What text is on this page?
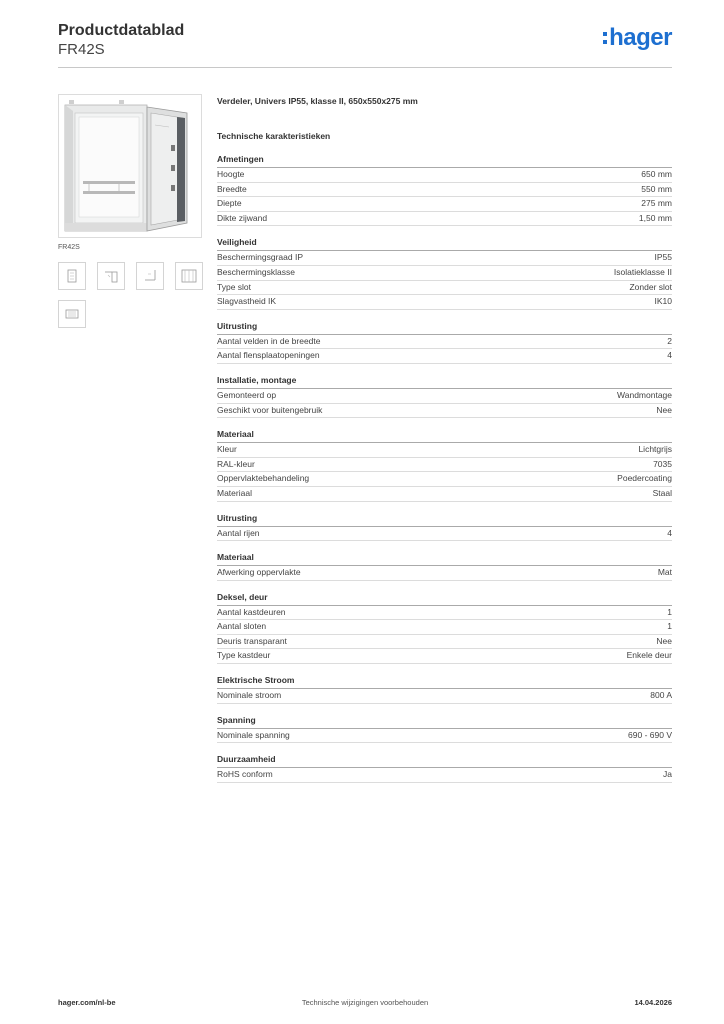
Productdatablad
FR42S	hager
FR42S
Verdeler, Univers IP55, klasse II, 650x550x275 mm
Technische karakteristieken
Afmetingen
Hoogte	650 mm
Breedte	550 mm
Diepte	275 mm
Dikte zijwand	1,50 mm
Veiligheid
Beschermingsgraad IP	IP55
Beschermingsklasse	Isolatieklasse II
Type slot	Zonder slot
Slagvastheid IK	IK10
Uitrusting
Aantal velden in de breedte	2
Aantal flensplaatopeningen	4
Installatie, montage
Gemonteerd op	Wandmontage
Geschikt voor buitengebruik	Nee
Materiaal
Kleur	Lichtgrijs
RAL-kleur	7035
Oppervlaktebehandeling	Poedercoating
Materiaal	Staal
Uitrusting
Aantal rijen	4
Materiaal
Afwerking oppervlakte	Mat
Deksel, deur
Aantal kastdeuren	1
Aantal sloten	1
Deuris transparant	Nee
Type kastdeur	Enkele deur
Elektrische Stroom
Nominale stroom	800 A
Spanning
Nominale spanning	690 - 690 V
Duurzaamheid
RoHS conform	Ja
hager.com/nl-be	Technische wijzigingen voorbehouden	14.04.2026
